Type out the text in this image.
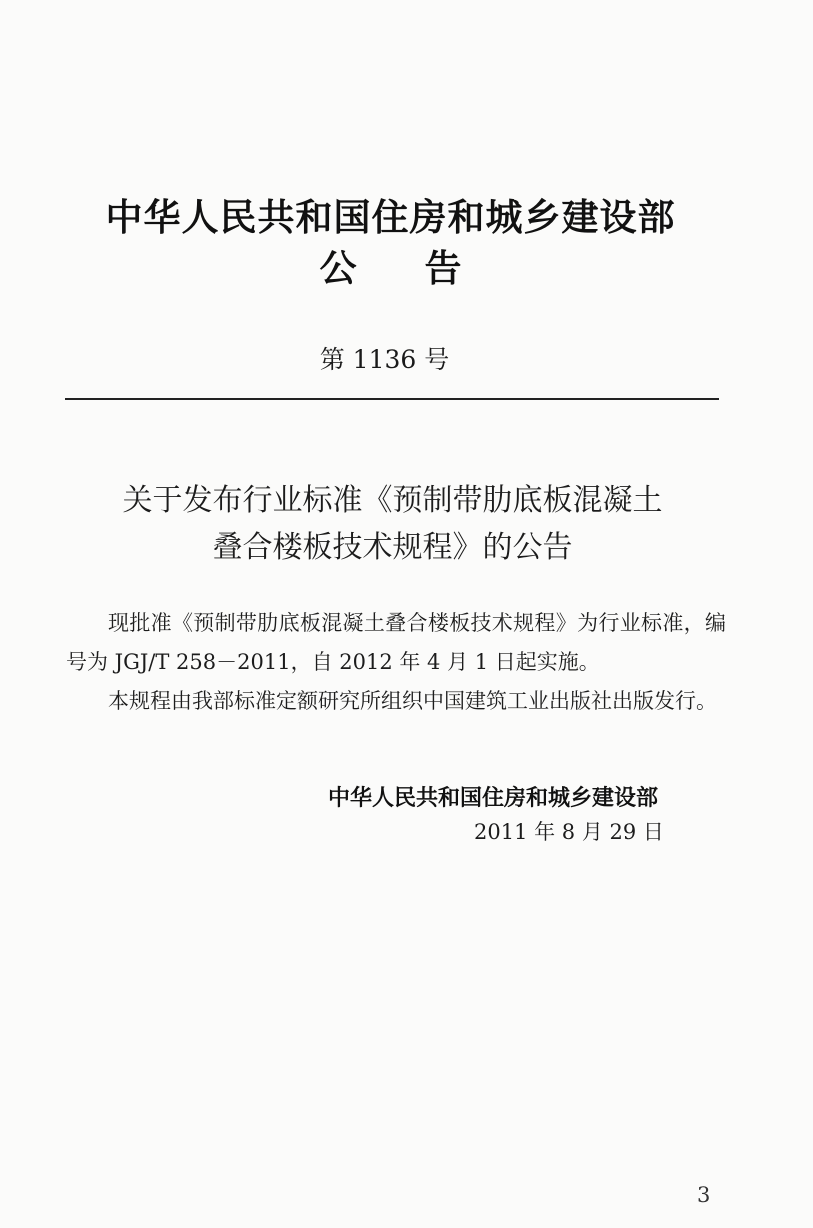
中华人民共和国住房和城乡建设部
公告
第 1136 号
关于发布行业标准《预制带肋底板混凝土
叠合楼板技术规程》的公告

现批准《预制带肋底板混凝土叠合楼板技术规程》为行业标准，编号为 JGJ/T 258－2011，自 2012 年 4 月 1 日起实施。

本规程由我部标准定额研究所组织中国建筑工业出版社出版发行。

中华人民共和国住房和城乡建设部
2011 年 8 月 29 日
3
